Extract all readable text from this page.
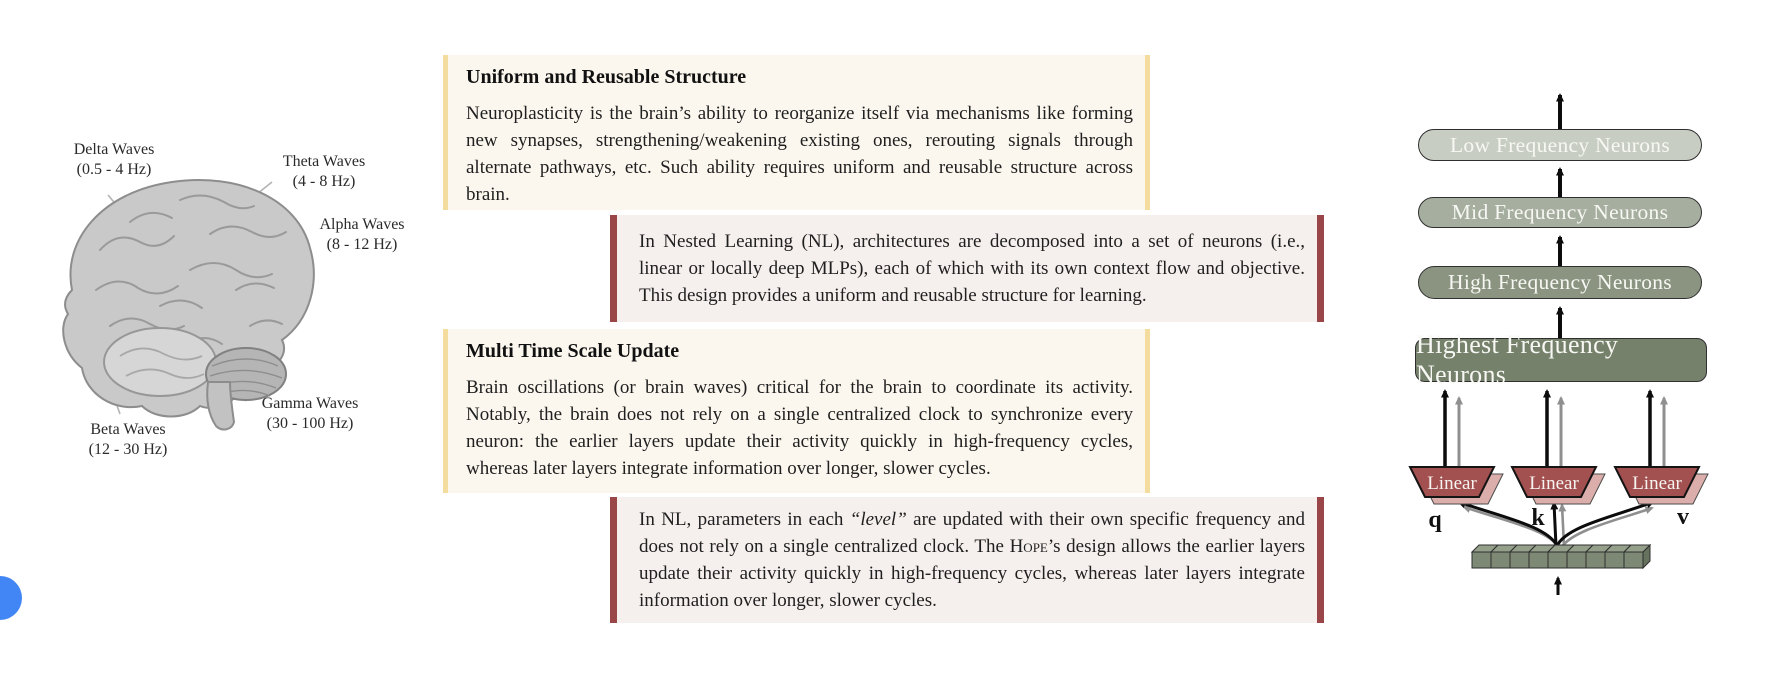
Delta Waves
(0.5 - 4 Hz)	Theta Waves
(4 - 8 Hz)
Alpha Waves
(8 - 12 Hz)
Gamma Waves
(30 - 100 Hz)
Beta Waves
(12 - 30 Hz)
Uniform and Reusable Structure

Neuroplasticity is the brain’s ability to reorganize itself via mechanisms like forming new synapses, strengthening/weakening existing ones, rerouting signals through alternate pathways, etc. Such ability requires uniform and reusable structure across brain.

In Nested Learning (NL), architectures are decomposed into a set of neurons (i.e., linear or locally deep MLPs), each of which with its own context flow and objective. This design provides a uniform and reusable structure for learning.

Multi Time Scale Update

Brain oscillations (or brain waves) critical for the brain to coordinate its activity. Notably, the brain does not rely on a single centralized clock to synchronize every neuron: the earlier layers update their activity quickly in high-frequency cycles, whereas later layers integrate information over longer, slower cycles.

In NL, parameters in each “level” are updated with their own specific frequency and does not rely on a single centralized clock. The Hope’s design allows the earlier layers update their activity quickly in high-frequency cycles, whereas later layers integrate information over longer, slower cycles.

Linear	Linear	Linear
q	k	v
Low Frequency Neurons
Mid Frequency Neurons
High Frequency Neurons
Highest Frequency Neurons
